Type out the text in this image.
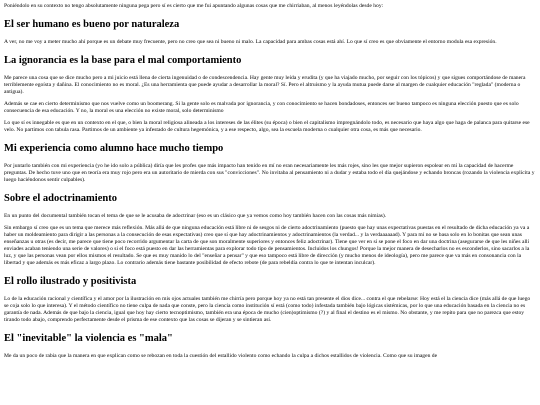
Poniéndolo en su contexto no tengo absolutamente ninguna pega pero sí es cierto que me fui apuntando algunas cosas que me chirriaban, al menos leyéndolas desde hoy:

El ser humano es bueno por naturaleza

A ver, no me voy a meter mucho ahí porque es un debate muy frecuente, pero no creo que sea ni bueno ni malo. La capacidad para ambas cosas está ahí. Lo que sí creo es que obviamente el entorno modula esa expresión.

La ignorancia es la base para el mal comportamiento

Me parece una cosa que se dice mucho pero a mi juicio está llena de cierta ingenuidad o de condescendencia. Hay gente muy leída y erudita (y que ha viajado mucho, por seguir con los tópicos) y que sigues comportándose de manera terriblemente egoísta y dañina. El conocimiento no es moral. ¿Es una herramienta que puede ayudar a desarrollar la moral? Sí. Pero el altruismo y la ayuda mutua puede darse al margen de cualquier educación "reglada" (moderna o antigua).

Además se cae en cierto determinismo que nos vuelve como un boomerang. Si la gente solo es malvada por ignorancia, y con conocimiento se hacen bondadoses, entonces ser bueno tampoco es ninguna elección puesto que es solo consecuencia de esa educación. Y no, la moral es una elección no existe moral, solo determinismo

Lo que sí es innegable es que en un contexto en el que, o bien la moral religiosa alineada a los intereses de las élites (su época) o bien el capitalismo impregnándolo todo, es necesario que haya algo que haga de palanca para quitarse ese velo. No partimos con tabula rasa. Partimos de un ambiente ya infestado de cultura hegemónica, y a ese respecto, algo, sea la escuela moderna o cualquier otra cosa, es más que necesario.

Mi experiencia como alumno hace mucho tiempo

Por juntarlo también con mi experiencia (yo he ido solo a pública) diría que les profes que más impacto han tenido en mí no eran necesariamente les más rojes, sino les que mejor supieron espolear en mí la capacidad de hacerme preguntas. De hecho tuve uno que en teoría era muy rojo pero era un autoritario de mierda con sus "convicciones". No invitaba al pensamiento ni a dudar y estaba todo el día quejándose y echando broncas (rozando la violencia explícita y luego haciéndonos sentir culpables).

Sobre el adoctrinamiento

En un punto del documental también tocan el tema de que se le acusaba de adoctrinar (eso es un clásico que ya vemos como hoy también hacen con las cosas más nimias).

Sin embargo sí creo que es un tema que merece más reflexión. Más allá de que ninguna educación está libre ni de sesgos ni de cierto adoctrinamiento (puesto que hay unas expectativas puestas en el resultado de dicha educación ya va a haber un moldeamiento para dirigir a las personas a la consecución de esas expectativas) creo que sí que hay adoctrinamientos y adoctrinamientos (la verdad... y la verdaaaaaad). Y para mí no se basa solo en lo bonitas que sean unas enseñanzas u otras (es decir, me parece que tiene poco recorrido argumentar la carta de que son moralmente superiores y entonces feliz adoctrinar). Tiene que ver en sí se pone el foco en dar una doctrina (asegurarse de que les niñes allí enviades acaban teniendo una serie de valores) o si el foco está puesto en dar las herramientas para explorar todo tipo de pensamientos. Incluidos los chungos! Porque la mejor manera de desecharlos no es esconderlos, sino sacarlos a la luz, y que las personas vean por ellos mismos el resultado. Se que es muy manido lo del "enseñar a pensar" y que eso tampoco está libre de dirección (y mucho menos de ideología), pero me parece que va más en consonancia con la libertad y que además es más eficaz a largo plazo. Lo contrario además tiene bastante posibilidad de efecto rebote (de para rebeldía contra lo que te intentan inculcar).

El rollo ilustrado y positivista

Lo de la educación racional y científica y el amor por la ilustración en mis ojos actuales también me chirría pero porque hoy ya no está tan presente el dios dice... contra el que rebelarse: Hoy está el la ciencia dice (más allá de que luego se coja solo lo que interesa). Y el método científico no tiene culpa de nada que conste, pero la ciencia como institución sí está (como todo) infestada también bajo lógicas sistémicas, por lo que una educación basada en la ciencia no es garantía de nada. Además de que bajo la ciencia, igual que hoy hay cierto tecnoptimismo, también era una época de mucho (cien)optimismo (?) y al final el destino es el mismo. No obstante, y me repito para que no parezca que estoy tirando todo abajo, comprendo perfectamente desde el prisma de ese contexto que las cosas se dijeran y se sintieran así.

El "inevitable" la violencia es "mala"

Me da un poco de rabia que la manera en que explican como se rebozan en toda la cuestión del estallido violento como echando la culpa a dichos estallidos de violencia. Como que su imagen de
